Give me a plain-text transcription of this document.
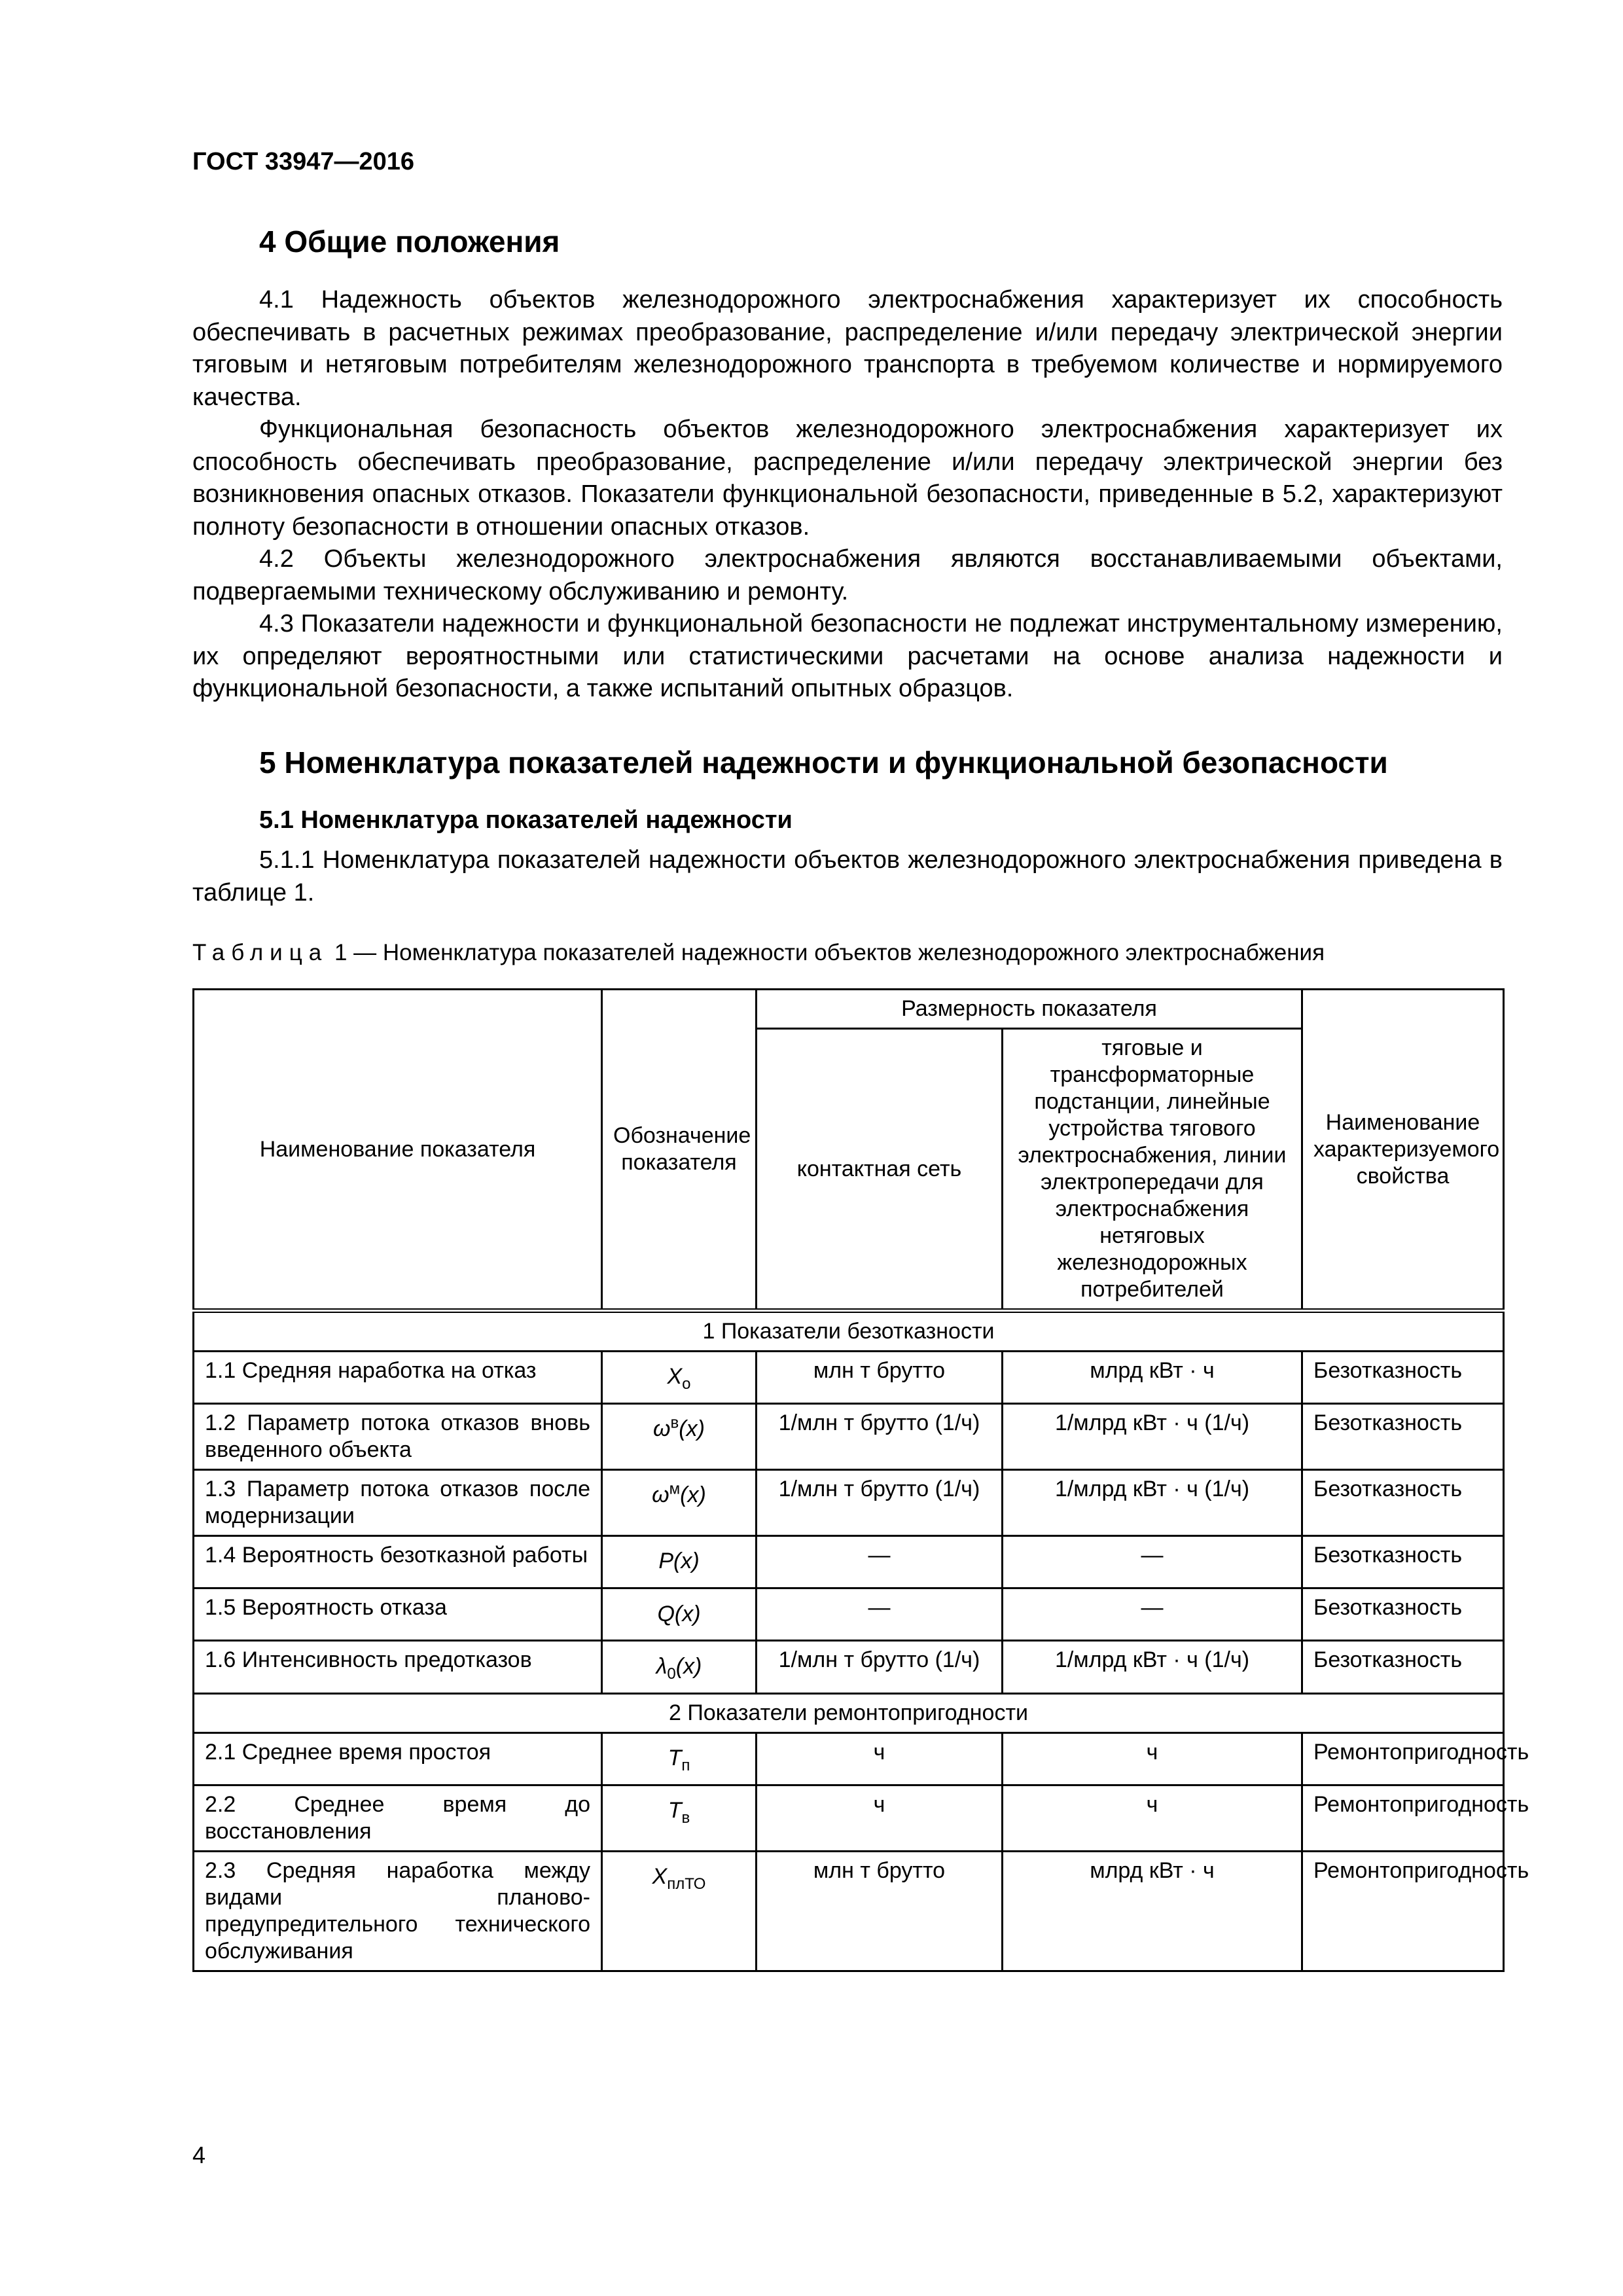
ГОСТ 33947—2016
4 Общие положения

4.1 Надежность объектов железнодорожного электроснабжения характеризует их способность обеспечивать в расчетных режимах преобразование, распределение и/или передачу электрической энергии тяговым и нетяговым потребителям железнодорожного транспорта в требуемом количестве и нормируемого качества.

Функциональная безопасность объектов железнодорожного электроснабжения характеризует их способность обеспечивать преобразование, распределение и/или передачу электрической энергии без возникновения опасных отказов. Показатели функциональной безопасности, приведенные в 5.2, характеризуют полноту безопасности в отношении опасных отказов.

4.2 Объекты железнодорожного электроснабжения являются восстанавливаемыми объектами, подвергаемыми техническому обслуживанию и ремонту.

4.3 Показатели надежности и функциональной безопасности не подлежат инструментальному измерению, их определяют вероятностными или статистическими расчетами на основе анализа надежности и функциональной безопасности, а также испытаний опытных образцов.

5 Номенклатура показателей надежности и функциональной безопасности
5.1 Номенклатура показателей надежности

5.1.1 Номенклатура показателей надежности объектов железнодорожного электроснабжения приведена в таблице 1.

Таблица 1 — Номенклатура показателей надежности объектов железнодорожного электроснабжения
Наименование показателя	Обозначение показателя	Размерность показателя		Наименование характеризуемого свойства
		контактная сеть	тяговые и трансформаторные подстанции, линейные устройства тягового электроснабжения, линии электропередачи для электроснабжения нетяговых железнодорожных потребителей	
1 Показатели безотказности				
1.1 Средняя наработка на отказ	$X_o$	млн т брутто	млрд кВт · ч	Безотказность
1.2 Параметр потока отказов вновь введенного объекта	$\omega^в(x)$	1/млн т брутто (1/ч)	1/млрд кВт · ч (1/ч)	Безотказность
1.3 Параметр потока отказов после модернизации	$\omega^м(x)$	1/млн т брутто (1/ч)	1/млрд кВт · ч (1/ч)	Безотказность
1.4 Вероятность безотказной работы	P(x)	—	—	Безотказность
1.5 Вероятность отказа	Q(x)	—	—	Безотказность
1.6 Интенсивность предотказов	$\lambda_0(x)$	1/млн т брутто (1/ч)	1/млрд кВт · ч (1/ч)	Безотказность
2 Показатели ремонтопригодности				
2.1 Среднее время простоя	$T_п$	ч	ч	Ремонтопригодность
2.2 Среднее время до восстановления	$T_в$	ч	ч	Ремонтопригодность
2.3 Средняя наработка между видами планово-предупредительного технического обслуживания	$X_{плТО}$	млн т брутто	млрд кВт · ч	Ремонтопригодность
4
